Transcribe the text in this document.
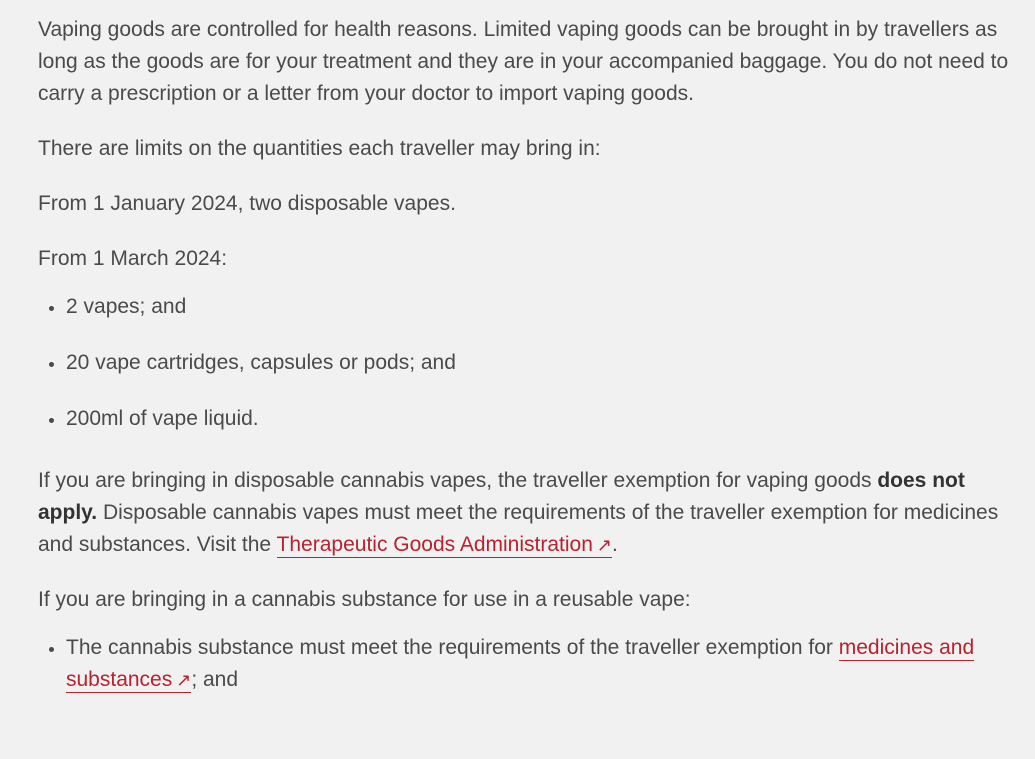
Vaping goods are controlled for health reasons. Limited vaping goods can be brought in by travellers as long as the goods are for your treatment and they are in your accompanied baggage. You do not need to carry a prescription or a letter from your doctor to import vaping goods.

There are limits on the quantities each traveller may bring in:

From 1 January 2024, two disposable vapes.

From 1 March 2024:

• 2 vapes; and
• 20 vape cartridges, capsules or pods; and
• 200ml of vape liquid.

If you are bringing in disposable cannabis vapes, the traveller exemption for vaping goods does not apply. Disposable cannabis vapes must meet the requirements of the traveller exemption for medicines and substances. Visit the Therapeutic Goods Administration ↗.

If you are bringing in a cannabis substance for use in a reusable vape:

• The cannabis substance must meet the requirements of the traveller exemption for medicines and substances ↗; and
